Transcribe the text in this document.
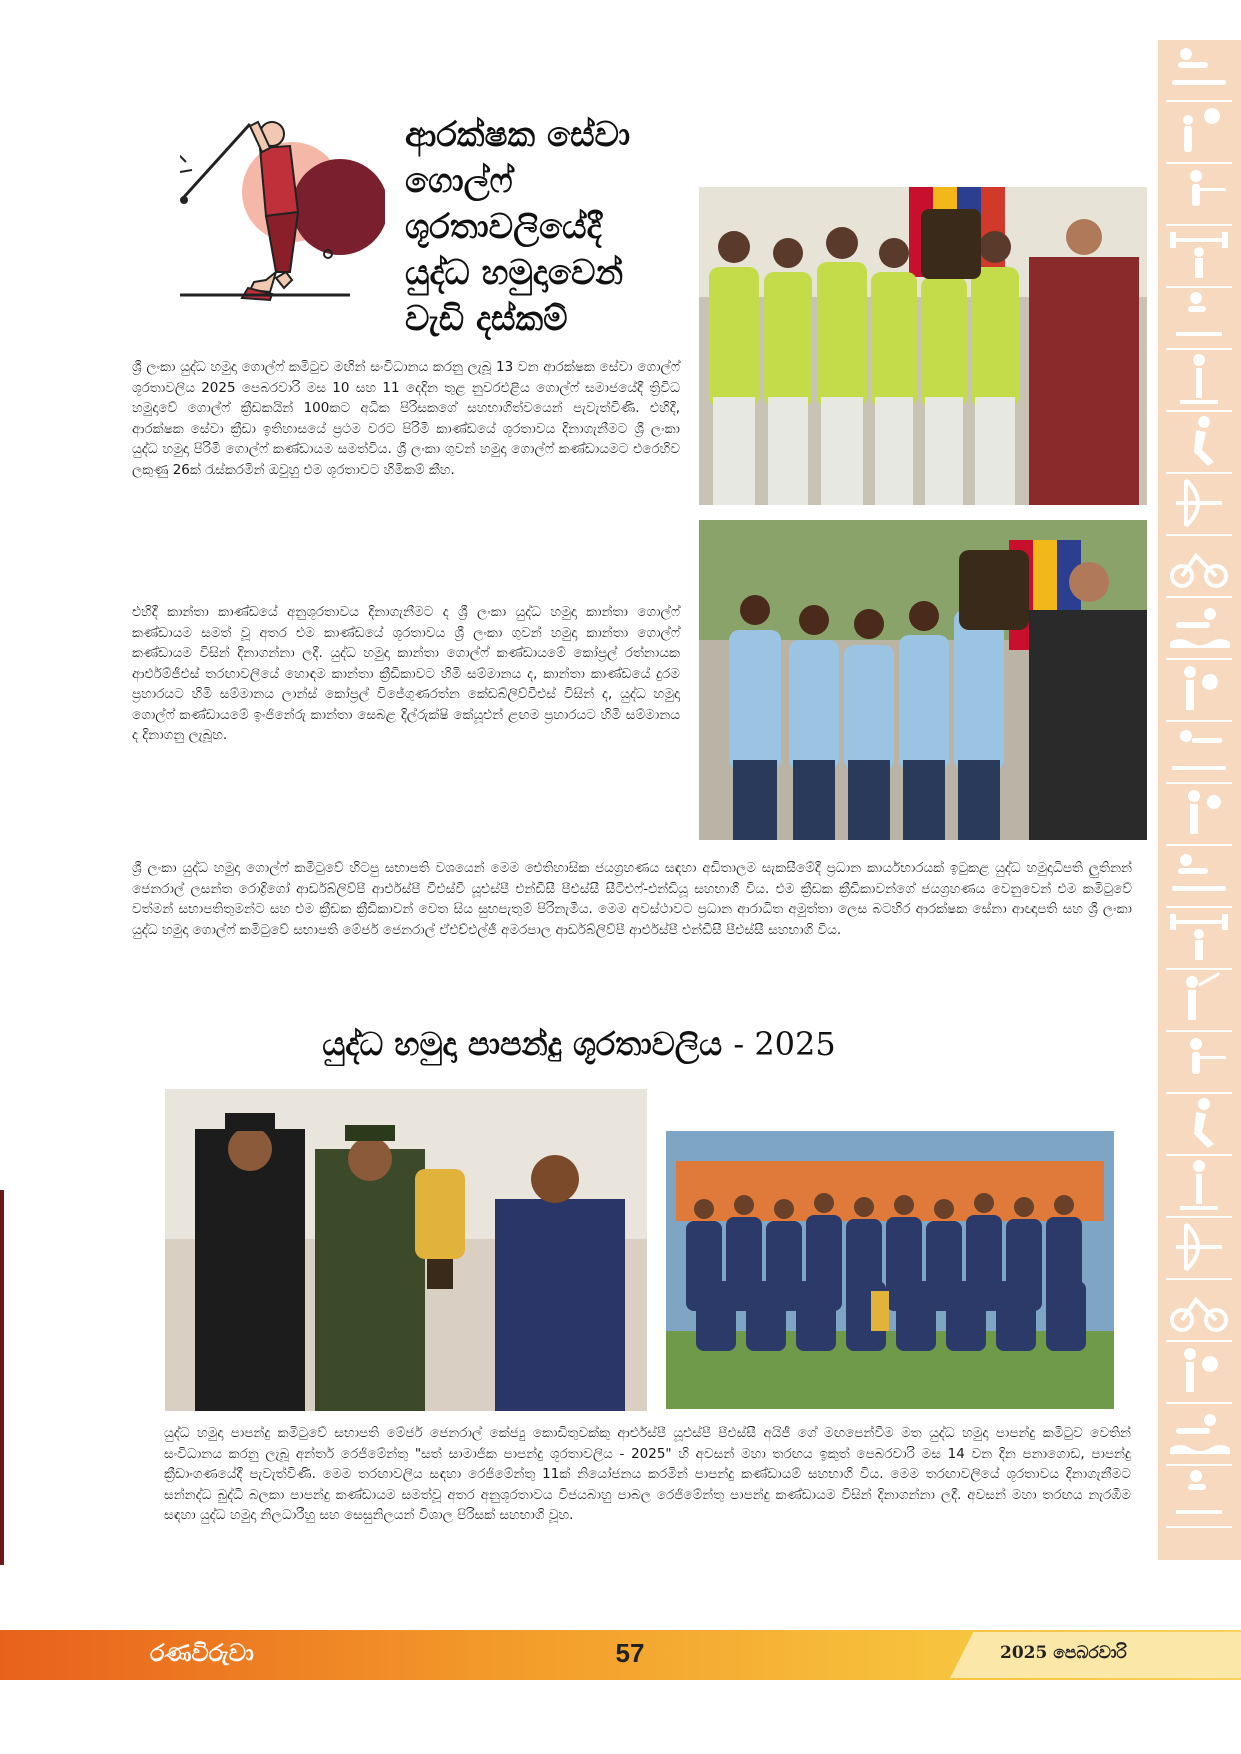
ආරක්ෂක සේවා
ගොල්ෆ්
ශූරතාවලියේදී
යුද්ධ හමුදාවෙන්
වැඩි දස්කම්

ශ්‍රී ලංකා යුද්ධ හමුදා ගොල්ෆ් කමිටුව මඟින් සංවිධානය කරනු ලැබූ 13 වන ආරක්ෂක සේවා ගොල්ෆ් ශූරතාවලිය 2025 පෙබරවාරි මස 10 සහ 11 දෙදින තුළ නුවරඑළිය ගොල්ෆ් සමාජයේදී ත්‍රිවිධ හමුදාවේ ගොල්ෆ් ක්‍රීඩකයින් 100කට අධික පිරිසකගේ සහභාගිත්වයෙන් පැවැත්විණි. එහිදී, ආරක්ෂක සේවා ක්‍රීඩා ඉතිහාසයේ ප්‍රථම වරට පිරිමි කාණ්ඩයේ ශූරතාවය දිනාගැනීමට ශ්‍රී ලංකා යුද්ධ හමුදා පිරිමි ගොල්ෆ් කණ්ඩායම සමත්විය. ශ්‍රී ලංකා ගුවන් හමුදා ගොල්ෆ් කණ්ඩායමට එරෙහිව ලකුණු 26ක් රැස්කරමින් ඔවුහු එම ශූරතාවට හිමිකම් කීහ.

එහිදී කාන්තා කාණ්ඩයේ අනුශූරතාවය දිනාගැනීමට ද ශ්‍රී ලංකා යුද්ධ හමුදා කාන්තා ගොල්ෆ් කණ්ඩායම සමත් වූ අතර එම කාණ්ඩයේ ශූරතාවය ශ්‍රී ලංකා ගුවන් හමුදා කාන්තා ගොල්ෆ් කණ්ඩායම විසින් දිනාගන්නා ලදී. යුද්ධ හමුදා කාන්තා ගොල්ෆ් කණ්ඩායමේ කෝප්‍රල් රත්නායක ආර්එම්ජීඑස් තරඟාවලියේ හොඳම කාන්තා ක්‍රීඩිකාවට හිමි සම්මානය ද, කාන්තා කාණ්ඩයේ දුරම ප්‍රහාරයට හිමි සම්මානය ලාන්ස් කෝප්‍රල් විජේගුණරත්න කේඩබ්ලිව්වීඑස් විසින් ද, යුද්ධ හමුදා ගොල්ෆ් කණ්ඩායමේ ඉංජිනේරු කාන්තා සෙබළ දිල්රුක්ෂි කේයූඑන් ළඟම ප්‍රහාරයට හිමි සම්මානය ද දිනාගනු ලැබූහ.

ශ්‍රී ලංකා යුද්ධ හමුදා ගොල්ෆ් කමිටුවේ හිටපු සභාපති වශයෙන් මෙම ඓතිහාසික ජයග්‍රහණය සඳහා අඩිතාලම සැකසීමේදී ප්‍රධාන කාර්යභාරයක් ඉටුකළ යුද්ධ හමුදාධිපති ලුතිනන් ජෙනරාල් ලසන්ත රොද්‍රිගෝ ආර්ඩබ්ලිව්පී ආර්එස්පී වීඑස්වී යූඑස්පී එන්ඩීසී පීඑස්සී සීටීඑෆ්-එන්ඩියූ සහභාගී විය. එම ක්‍රීඩක ක්‍රීඩිකාවන්ගේ ජයග්‍රහණය වෙනුවෙන් එම කමිටුවේ වත්මන් සභාපතිතුමන්ට සහ එම ක්‍රීඩක ක්‍රීඩිකාවන් වෙත සිය සුභපැතුම් පිරිනැමීය. මෙම අවස්ථාවට ප්‍රධාන ආරාධිත අමුත්තා ලෙස බටහිර ආරක්ෂක සේනා ආඥාපති සහ ශ්‍රී ලංකා යුද්ධ හමුදා ගොල්ෆ් කමිටුවේ සභාපති මේජර් ජෙනරාල් ඒඑච්එල්ජී අමරපාල ආර්ඩබ්ලිව්පී ආර්එස්පී එන්ඩීසී පීඑස්සී සහභාගි විය.

යුද්ධ හමුදා පාපන්දු ශූරතාවලිය - 2025

යුද්ධ හමුදා පාපන්දු කමිටුවේ සභාපති මේජර් ජෙනරාල් කේජ්‍යු කොඩිතුවක්කු ආර්එස්පී යූඑස්පී පීඑස්සී අයිජී ගේ මඟපෙන්වීම මත යුද්ධ හමුදා පාපන්දු කමිටුව වෙතින් සංවිධානය කරනු ලැබූ අන්තර් රෙජිමේන්තු "සත් සාමාජික පාපන්දු ශූරතාවලිය - 2025" හි අවසන් මහා තරඟය ඉකුත් පෙබරවාරි මස 14 වන දින පනාගොඩ, පාපන්දු ක්‍රීඩාංගණයේදී පැවැත්විණි. මෙම තරඟාවලිය සඳහා රෙජිමේන්තු 11ක් නියෝජනය කරමින් පාපන්දු කණ්ඩායම් සහභාගි විය. මෙම තරඟාවලියේ ශූරතාවය දිනාගැනීමට සන්නද්ධ බුද්ධි බලකා පාපන්දු කණ්ඩායම සමත්වූ අතර අනුශූරතාවය විජයබාහු පාබල රෙජිමේන්තු පාපන්දු කණ්ඩායම විසින් දිනාගන්නා ලදී. අවසන් මහා තරඟය නැරඹීම සඳහා යුද්ධ හමුදා නිලධාරීහු සහ සෙසුනිලයන් විශාල පිරිසක් සහභාගි වූහ.

රණවිරුවා	57	2025 පෙබරවාරි
